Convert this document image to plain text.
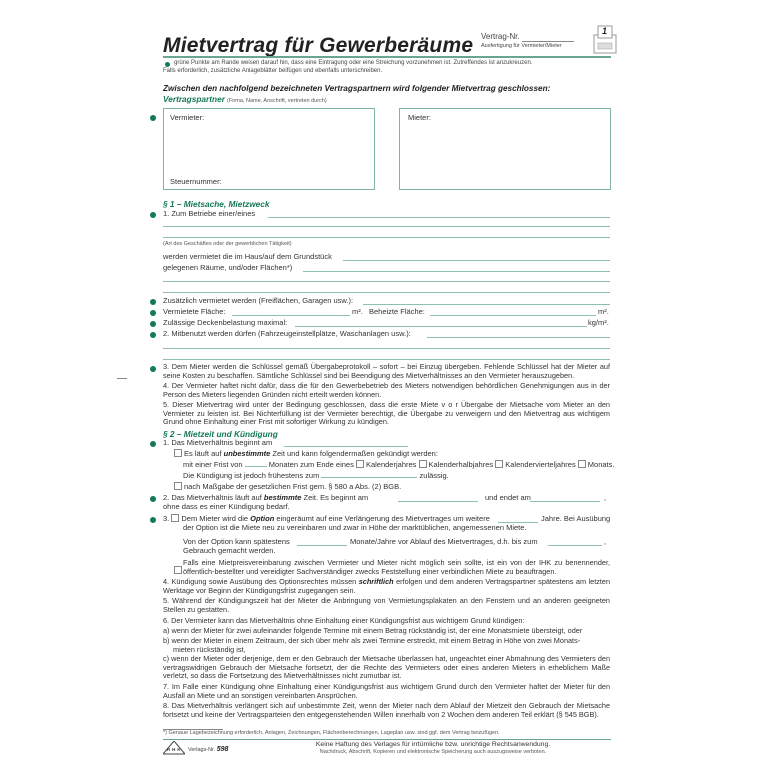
Mietvertrag für Gewerberäume Vertrag-Nr.
Ausfertigung für Vermieter/Mieter
1
grüne Punkte am Rande weisen darauf hin, dass eine Eintragung oder eine Streichung vorzunehmen ist. Zutreffendes ist anzukreuzen.
Falls erforderlich, zusätzliche Anlageblätter beifügen und ebenfalls unterschreiben.
Zwischen den nachfolgend bezeichneten Vertragspartnern wird folgender Mietvertrag geschlossen:
Vertragspartner (Firma, Name, Anschrift, vertreten durch)
Vermieter:
Steuernummer:
Mieter:
§ 1 – Mietsache, Mietzweck
1. Zum Betriebe einer/eines
(Art des Geschäftes oder der gewerblichen Tätigkeit)
werden vermietet die im Haus/auf dem Grundstück
gelegenen Räume, und/oder Flächen*)
Zusätzlich vermietet werden (Freiflächen, Garagen usw.):
Vermietete Fläche:	m². Beheizte Fläche:	m².
Zulässige Deckenbelastung maximal:	kg/m².
2. Mitbenutzt werden dürfen (Fahrzeugeinstellplätze, Waschanlagen usw.):
3. Dem Mieter werden die Schlüssel gemäß Übergabeprotokoll – sofort – bei Einzug übergeben. Fehlende Schlüssel hat der Mieter auf seine Kosten zu beschaffen. Sämtliche Schlüssel sind bei Beendigung des Mietverhältnisses an den Vermieter herauszugeben.
4. Der Vermieter haftet nicht dafür, dass die für den Gewerbebetrieb des Mieters notwendigen behördlichen Genehmigungen aus in der Person des Mieters liegenden Gründen nicht erteilt werden können.
5. Dieser Mietvertrag wird unter der Bedingung geschlossen, dass die erste Miete v o r Übergabe der Mietsache vom Mieter an den Vermieter zu leisten ist. Bei Nichterfüllung ist der Vermieter berechtigt, die Übergabe zu verweigern und den Mietvertrag aus wichtigem Grund ohne Einhaltung einer Frist mit sofortiger Wirkung zu kündigen.
§ 2 – Mietzeit und Kündigung
1. Das Mietverhältnis beginnt am
Es läuft auf unbestimmte Zeit und kann folgendermaßen gekündigt werden:
mit einer Frist von	Monaten zum Ende eines Kalenderjahres Kalenderhalbjahres Kalendervierteljahres Monats.
Die Kündigung ist jedoch frühestens zum	zulässig.
nach Maßgabe der gesetzlichen Frist gem. § 580 a Abs. (2) BGB.
2. Das Mietverhältnis läuft auf bestimmte Zeit. Es beginnt am	und endet am	,
ohne dass es einer Kündigung bedarf.
3. Dem Mieter wird die Option eingeräumt auf eine Verlängerung des Mietvertrages um weitere	Jahre. Bei Ausübung
der Option ist die Miete neu zu vereinbaren und zwar in Höhe der marktüblichen, angemessenen Miete.
Von der Option kann spätestens	Monate/Jahre vor Ablauf des Mietvertrages, d.h. bis zum	,
Gebrauch gemacht werden.
Falls eine Mietpreisvereinbarung zwischen Vermieter und Mieter nicht möglich sein sollte, ist ein von der IHK zu benennender, öffentlich-bestellter und vereidigter Sachverständiger zwecks Feststellung einer verbindlichen Miete zu beauftragen.
4. Kündigung sowie Ausübung des Optionsrechtes müssen schriftlich erfolgen und dem anderen Vertragspartner spätestens am letzten Werktage vor Beginn der Kündigungsfrist zugegangen sein.
5. Während der Kündigungszeit hat der Mieter die Anbringung von Vermietungsplakaten an den Fenstern und an anderen geeigneten Stellen zu gestatten.
6. Der Vermieter kann das Mietverhältnis ohne Einhaltung einer Kündigungsfrist aus wichtigem Grund kündigen:
a) wenn der Mieter für zwei aufeinander folgende Termine mit einem Betrag rückständig ist, der eine Monatsmiete übersteigt, oder
b) wenn der Mieter in einem Zeitraum, der sich über mehr als zwei Termine erstreckt, mit einem Betrag in Höhe von zwei Monats-
mieten rückständig ist,
c) wenn der Mieter oder derjenige, dem er den Gebrauch der Mietsache überlassen hat, ungeachtet einer Abmahnung des Vermieters den vertragswidrigen Gebrauch der Mietsache fortsetzt, der die Rechte des Vermieters oder eines anderen Mieters in erheblichem Maße verletzt, so dass die Fortsetzung des Mietverhältnisses nicht zumutbar ist.
7. Im Falle einer Kündigung ohne Einhaltung einer Kündigungsfrist aus wichtigem Grund durch den Vermieter haftet der Mieter für den Ausfall an Miete und an sonstigen vereinbarten Ansprüchen.
8. Das Mietverhältnis verlängert sich auf unbestimmte Zeit, wenn der Mieter nach dem Ablauf der Mietzeit den Gebrauch der Mietsache fortsetzt und keine der Vertragsparteien den entgegenstehenden Willen innerhalb von 2 Wochen dem anderen Teil erklärt (§ 545 BGB).
*) Genaue Lagebezeichnung erforderlich, Anlagen, Zeichnungen, Flächenberechnungen, Lageplan usw. sind ggf. dem Vertrag beizufügen.
R H K Verlags-Nr. 598
Keine Haftung des Verlages für irrtümliche bzw. unrichtige Rechtsanwendung.
Nachdruck, Abschrift, Kopieren und elektronische Speicherung auch auszugsweise verboten.
